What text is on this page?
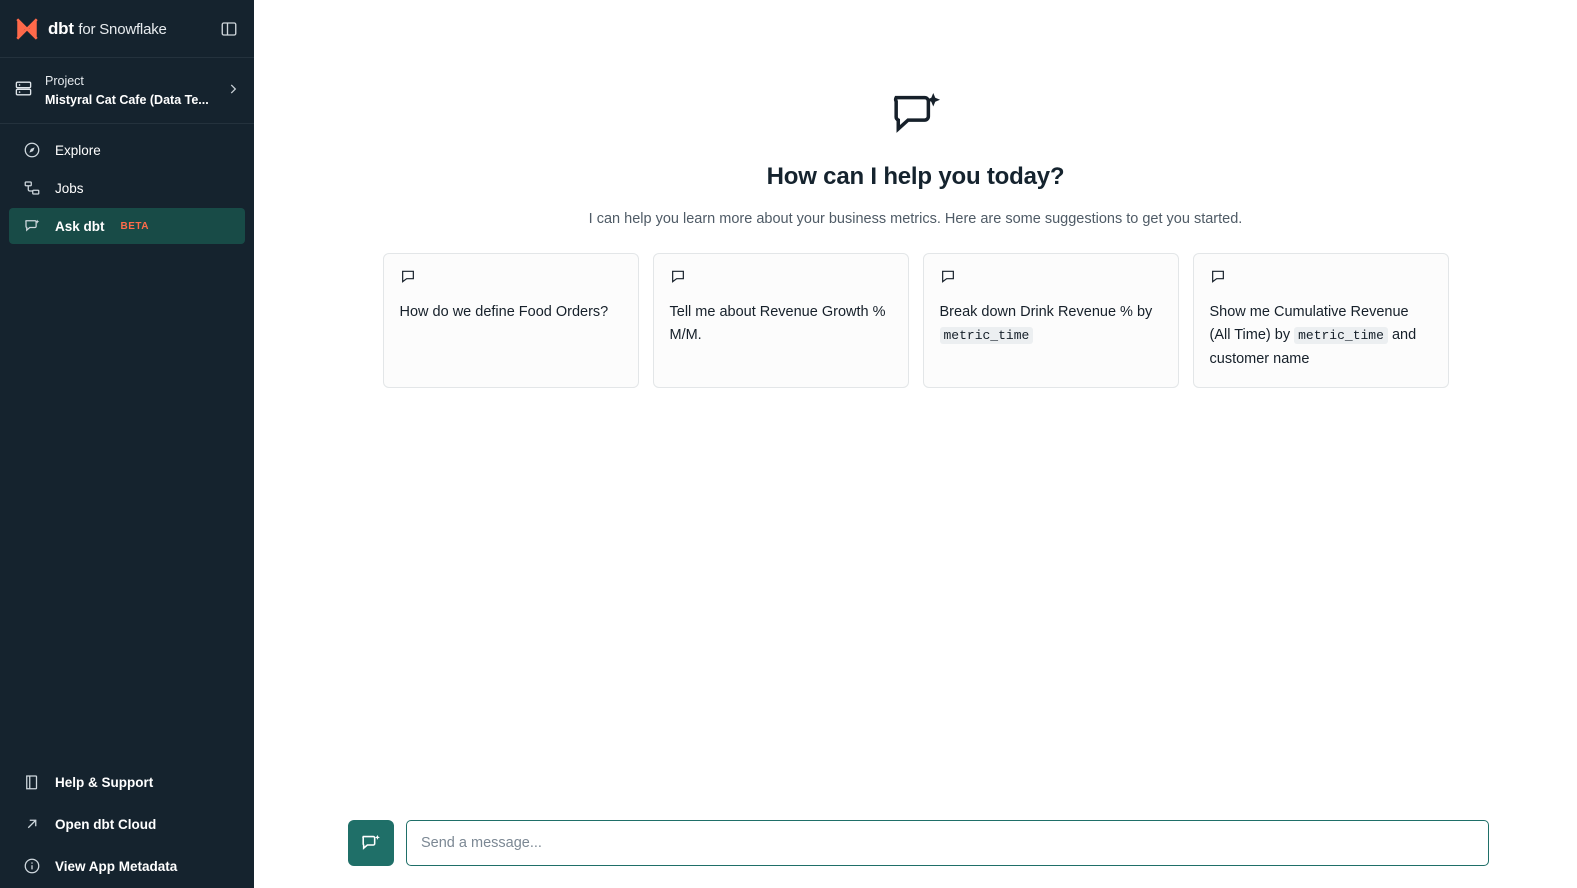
dbt for Snowflake
Project
Mistyral Cat Cafe (Data Te...
Explore
Jobs
Ask dbt BETA
Help & Support
Open dbt Cloud
View App Metadata
How can I help you today?
I can help you learn more about your business metrics. Here are some suggestions to get you started.
How do we define Food Orders?	Tell me about Revenue Growth % M/M.
Break down Drink Revenue % by metric_time
Show me Cumulative Revenue (All Time) by metric_time and customer name
Send a message...
